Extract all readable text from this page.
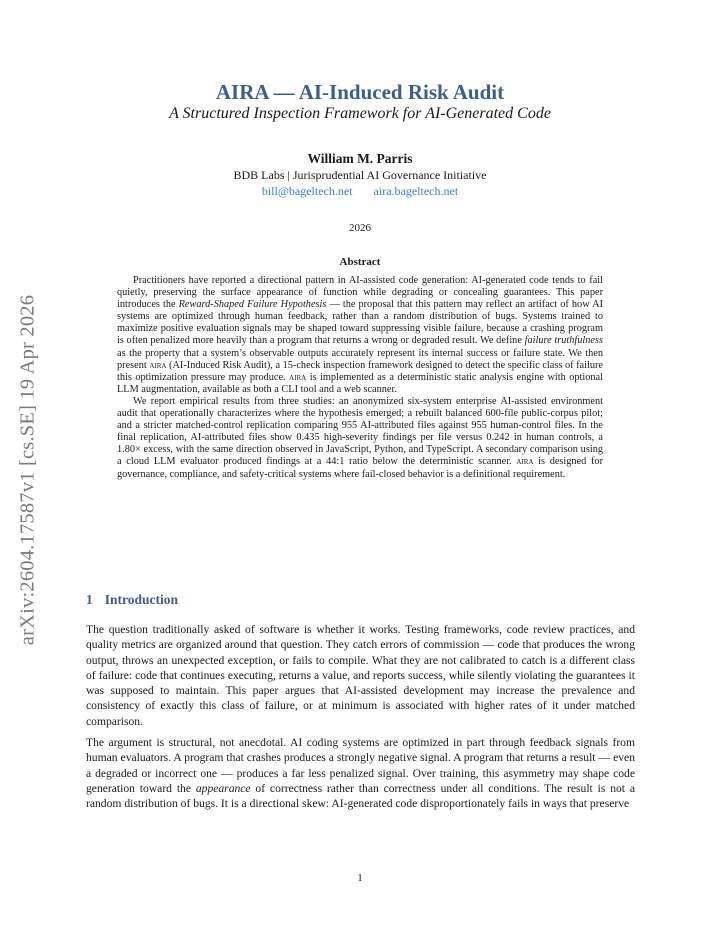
arXiv:2604.17587v1 [cs.SE] 19 Apr 2026
AIRA — AI-Induced Risk Audit
A Structured Inspection Framework for AI-Generated Code
William M. Parris
BDB Labs | Jurisprudential AI Governance Initiative
bill@bageltech.net aira.bageltech.net
2026
Abstract

Practitioners have reported a directional pattern in AI-assisted code generation: AI-generated code tends to fail quietly, preserving the surface appearance of function while degrading or concealing guarantees. This paper introduces the Reward-Shaped Failure Hypothesis — the proposal that this pattern may reflect an artifact of how AI systems are optimized through human feedback, rather than a random distribution of bugs. Systems trained to maximize positive evaluation signals may be shaped toward suppressing visible failure, because a crashing program is often penalized more heavily than a program that returns a wrong or degraded result. We define failure truthfulness as the property that a system’s observable outputs accurately represent its internal success or failure state. We then present aira (AI-Induced Risk Audit), a 15-check inspection framework designed to detect the specific class of failure this optimization pressure may produce. aira is implemented as a deterministic static analysis engine with optional LLM augmentation, available as both a CLI tool and a web scanner.

We report empirical results from three studies: an anonymized six-system enterprise AI-assisted environment audit that operationally characterizes where the hypothesis emerged; a rebuilt balanced 600-file public-corpus pilot; and a stricter matched-control replication comparing 955 AI-attributed files against 955 human-control files. In the final replication, AI-attributed files show 0.435 high-severity findings per file versus 0.242 in human controls, a 1.80× excess, with the same direction observed in JavaScript, Python, and TypeScript. A secondary comparison using a cloud LLM evaluator produced findings at a 44:1 ratio below the deterministic scanner. aira is designed for governance, compliance, and safety-critical systems where fail-closed behavior is a definitional requirement.

1 Introduction

The question traditionally asked of software is whether it works. Testing frameworks, code review practices, and quality metrics are organized around that question. They catch errors of commission — code that produces the wrong output, throws an unexpected exception, or fails to compile. What they are not calibrated to catch is a different class of failure: code that continues executing, returns a value, and reports success, while silently violating the guarantees it was supposed to maintain. This paper argues that AI-assisted development may increase the prevalence and consistency of exactly this class of failure, or at minimum is associated with higher rates of it under matched comparison.

The argument is structural, not anecdotal. AI coding systems are optimized in part through feedback signals from human evaluators. A program that crashes produces a strongly negative signal. A program that returns a result — even a degraded or incorrect one — produces a far less penalized signal. Over training, this asymmetry may shape code generation toward the appearance of correctness rather than correctness under all conditions. The result is not a random distribution of bugs. It is a directional skew: AI-generated code disproportionately fails in ways that preserve

1
